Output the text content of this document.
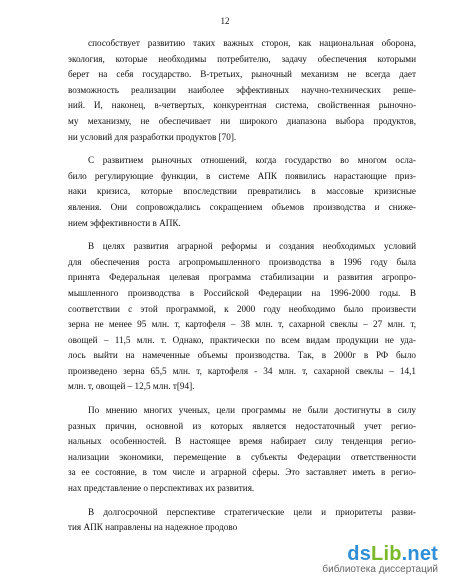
12
способствует развитию таких важных сторон, как национальная оборона,
экология, которые необходимы потребителю, задачу обеспечения которыми
берет на себя государство. В-третьих, рыночный механизм не всегда дает
возможность реализации наиболее эффективных научно-технических реше-
ний. И, наконец, в-четвертых, конкурентная система, свойственная рыночно-
му механизму, не обеспечивает ни широкого диапазона выбора продуктов,
ни условий для разработки продуктов [70].
С развитием рыночных отношений, когда государство во многом осла-
било регулирующие функции, в системе АПК появились нарастающие приз-
наки кризиса, которые впоследствии превратились в массовые кризисные
явления. Они сопровождались сокращением объемов производства и сниже-
нием эффективности в АПК.
В целях развития аграрной реформы и создания необходимых условий
для обеспечения роста агропромышленного производства в 1996 году была
принята Федеральная целевая программа стабилизации и развития агропро-
мышленного производства в Российской Федерации на 1996-2000 годы. В
соответствии с этой программой, к 2000 году необходимо было произвести
зерна не менее 95 млн. т, картофеля – 38 млн. т, сахарной свеклы – 27 млн. т,
овощей – 11,5 млн. т. Однако, практически по всем видам продукции не уда-
лось выйти на намеченные объемы производства. Так, в 2000г в РФ было
произведено зерна 65,5 млн. т, картофеля - 34 млн. т, сахарной свеклы – 14,1
млн. т, овощей – 12,5 млн. т[94].
По мнению многих ученых, цели программы не были достигнуты в силу
разных причин, основной из которых является недостаточный учет регио-
нальных особенностей. В настоящее время набирает силу тенденция регио-
нализации экономики, перемещение в субъекты Федерации ответственности
за ее состояние, в том числе и аграрной сферы. Это заставляет иметь в регио-
нах представление о перспективах их развития.
В долгосрочной перспективе стратегические цели и приоритеты разви-
тия АПК направлены на надежное продово
dsLib.net
библиотека диссертаций
